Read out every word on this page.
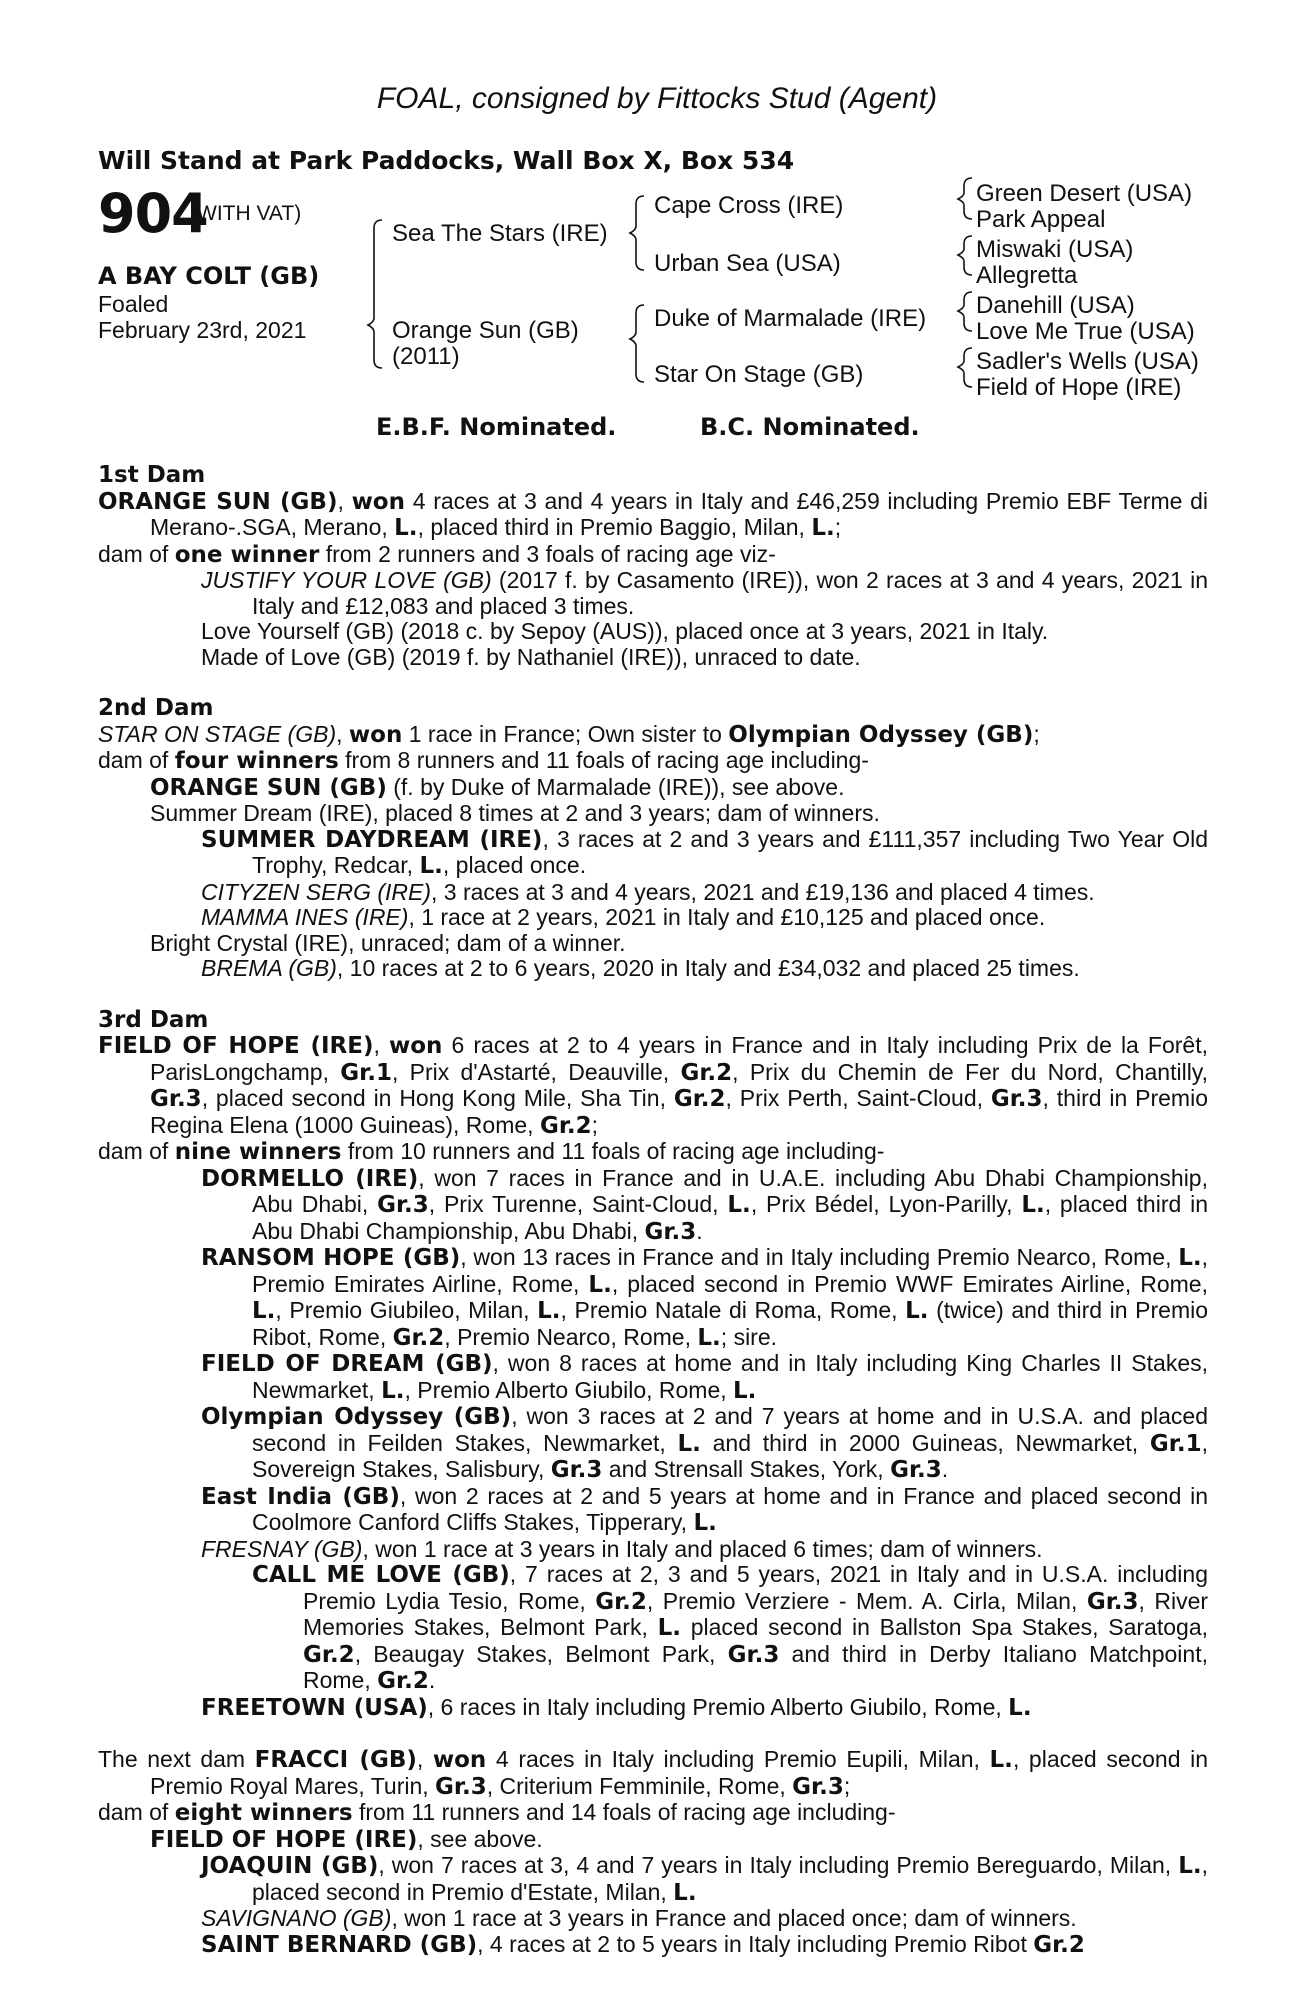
FOAL, consigned by Fittocks Stud (Agent)
Will Stand at Park Paddocks, Wall Box X, Box 534
904
(WITH VAT)
A BAY COLT (GB)
Foaled
February 23rd, 2021
Sea The Stars (IRE)
Orange Sun (GB)
(2011)
Cape Cross (IRE)
Urban Sea (USA)
Duke of Marmalade (IRE)
Star On Stage (GB)
Green Desert (USA)
Park Appeal
Miswaki (USA)
Allegretta
Danehill (USA)
Love Me True (USA)
Sadler's Wells (USA)
Field of Hope (IRE)
E.B.F. Nominated.	B.C. Nominated.

1st Dam

ORANGE SUN (GB), won 4 races at 3 and 4 years in Italy and £46,259 including Premio EBF Terme di Merano-.SGA, Merano, L., placed third in Premio Baggio, Milan, L.;

dam of one winner from 2 runners and 3 foals of racing age viz-

JUSTIFY YOUR LOVE (GB) (2017 f. by Casamento (IRE)), won 2 races at 3 and 4 years, 2021 in Italy and £12,083 and placed 3 times.

Love Yourself (GB) (2018 c. by Sepoy (AUS)), placed once at 3 years, 2021 in Italy.

Made of Love (GB) (2019 f. by Nathaniel (IRE)), unraced to date.

2nd Dam

STAR ON STAGE (GB), won 1 race in France; Own sister to Olympian Odyssey (GB);

dam of four winners from 8 runners and 11 foals of racing age including-

ORANGE SUN (GB) (f. by Duke of Marmalade (IRE)), see above.

Summer Dream (IRE), placed 8 times at 2 and 3 years; dam of winners.

SUMMER DAYDREAM (IRE), 3 races at 2 and 3 years and £111,357 including Two Year Old Trophy, Redcar, L., placed once.

CITYZEN SERG (IRE), 3 races at 3 and 4 years, 2021 and £19,136 and placed 4 times.

MAMMA INES (IRE), 1 race at 2 years, 2021 in Italy and £10,125 and placed once.

Bright Crystal (IRE), unraced; dam of a winner.

BREMA (GB), 10 races at 2 to 6 years, 2020 in Italy and £34,032 and placed 25 times.

3rd Dam

FIELD OF HOPE (IRE), won 6 races at 2 to 4 years in France and in Italy including Prix de la Forêt, ParisLongchamp, Gr.1, Prix d'Astarté, Deauville, Gr.2, Prix du Chemin de Fer du Nord, Chantilly, Gr.3, placed second in Hong Kong Mile, Sha Tin, Gr.2, Prix Perth, Saint-Cloud, Gr.3, third in Premio Regina Elena (1000 Guineas), Rome, Gr.2;

dam of nine winners from 10 runners and 11 foals of racing age including-

DORMELLO (IRE), won 7 races in France and in U.A.E. including Abu Dhabi Championship, Abu Dhabi, Gr.3, Prix Turenne, Saint-Cloud, L., Prix Bédel, Lyon-Parilly, L., placed third in Abu Dhabi Championship, Abu Dhabi, Gr.3.

RANSOM HOPE (GB), won 13 races in France and in Italy including Premio Nearco, Rome, L., Premio Emirates Airline, Rome, L., placed second in Premio WWF Emirates Airline, Rome, L., Premio Giubileo, Milan, L., Premio Natale di Roma, Rome, L. (twice) and third in Premio Ribot, Rome, Gr.2, Premio Nearco, Rome, L.; sire.

FIELD OF DREAM (GB), won 8 races at home and in Italy including King Charles II Stakes, Newmarket, L., Premio Alberto Giubilo, Rome, L.

Olympian Odyssey (GB), won 3 races at 2 and 7 years at home and in U.S.A. and placed second in Feilden Stakes, Newmarket, L. and third in 2000 Guineas, Newmarket, Gr.1, Sovereign Stakes, Salisbury, Gr.3 and Strensall Stakes, York, Gr.3.

East India (GB), won 2 races at 2 and 5 years at home and in France and placed second in Coolmore Canford Cliffs Stakes, Tipperary, L.

FRESNAY (GB), won 1 race at 3 years in Italy and placed 6 times; dam of winners.

CALL ME LOVE (GB), 7 races at 2, 3 and 5 years, 2021 in Italy and in U.S.A. including Premio Lydia Tesio, Rome, Gr.2, Premio Verziere - Mem. A. Cirla, Milan, Gr.3, River Memories Stakes, Belmont Park, L. placed second in Ballston Spa Stakes, Saratoga, Gr.2, Beaugay Stakes, Belmont Park, Gr.3 and third in Derby Italiano Matchpoint, Rome, Gr.2.

FREETOWN (USA), 6 races in Italy including Premio Alberto Giubilo, Rome, L.

The next dam FRACCI (GB), won 4 races in Italy including Premio Eupili, Milan, L., placed second in Premio Royal Mares, Turin, Gr.3, Criterium Femminile, Rome, Gr.3;

dam of eight winners from 11 runners and 14 foals of racing age including-

FIELD OF HOPE (IRE), see above.

JOAQUIN (GB), won 7 races at 3, 4 and 7 years in Italy including Premio Bereguardo, Milan, L., placed second in Premio d'Estate, Milan, L.

SAVIGNANO (GB), won 1 race at 3 years in France and placed once; dam of winners.

SAINT BERNARD (GB), 4 races at 2 to 5 years in Italy including Premio Ribot Gr.2
